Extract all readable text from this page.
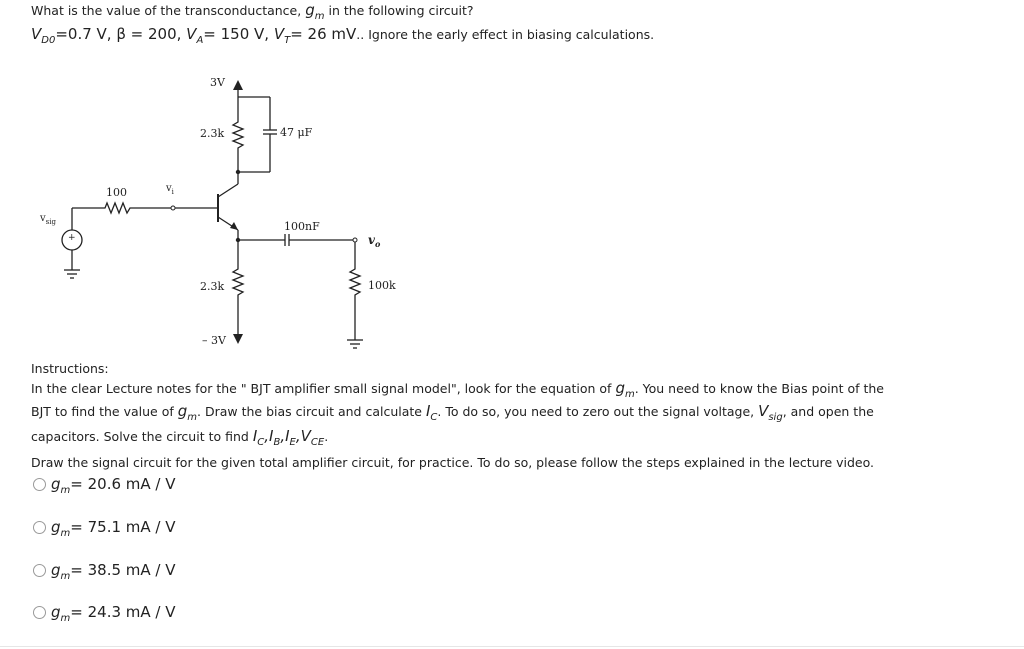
What is the value of the transconductance, $g_m$ in the following circuit?
$V_{D0}=0.7$ V, β = 200, $V_A= 150$ V, $V_T= 26$ mV.. Ignore the early effect in biasing calculations.
3V
2.3k	47 μF
100	$v_i$
$v_{sig}$
+
100nF
$v_o$
2.3k	100k
– 3V
Instructions:
In the clear Lecture notes for the " BJT amplifier small signal model", look for the equation of $g_m$. You need to know the Bias point of the
BJT to find the value of $g_m$. Draw the bias circuit and calculate $I_C$. To do so, you need to zero out the signal voltage, $V_{sig}$, and open the
capacitors. Solve the circuit to find $I_C,I_B,I_E,V_{CE}$.
Draw the signal circuit for the given total amplifier circuit, for practice. To do so, please follow the steps explained in the lecture video.
$g_m= 20.6$ mA / V
$g_m= 75.1$ mA / V
$g_m= 38.5$ mA / V
$g_m= 24.3$ mA / V
